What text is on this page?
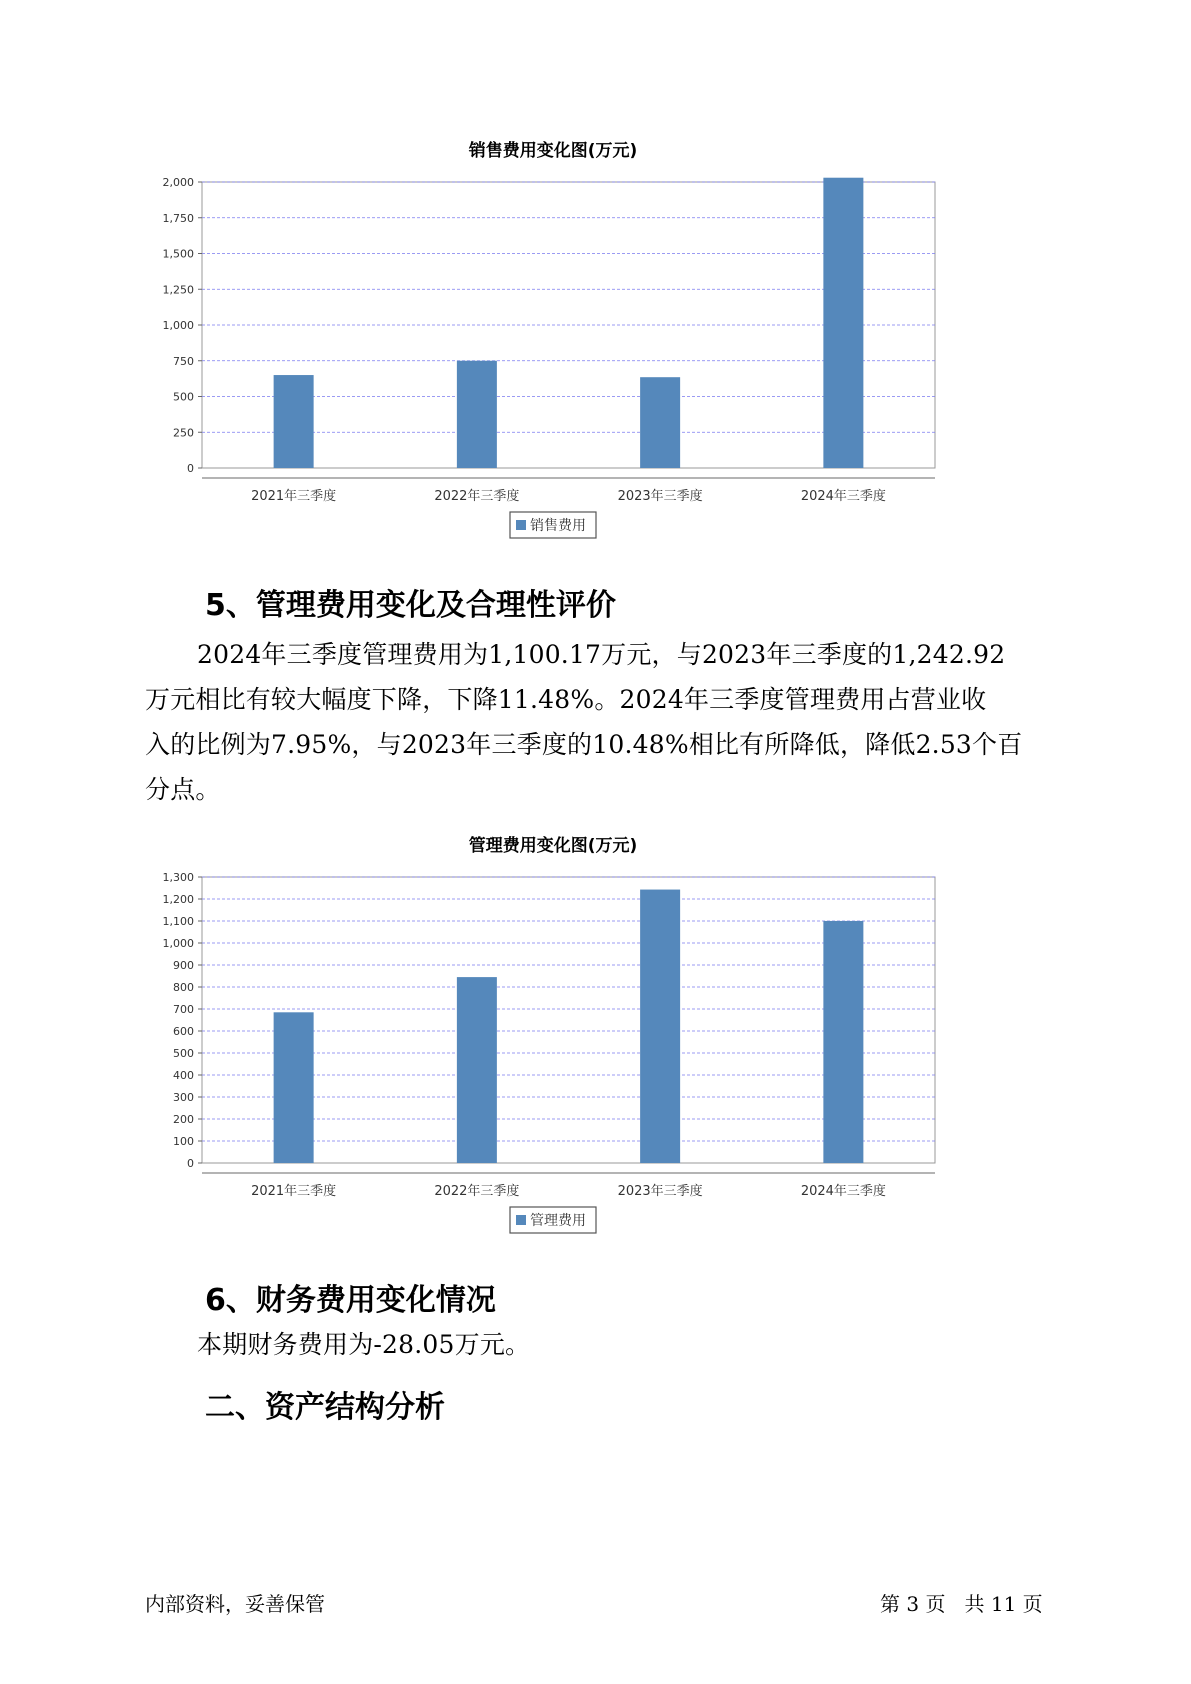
销售费用变化图(万元)
0
250
500
750
1,000
1,250
1,500
1,750
2,000
2021年三季度	2022年三季度	2023年三季度	2024年三季度
销售费用
5、管理费用变化及合理性评价
2024年三季度管理费用为1,100.17万元，与2023年三季度的1,242.92
万元相比有较大幅度下降，下降11.48%。2024年三季度管理费用占营业收
入的比例为7.95%，与2023年三季度的10.48%相比有所降低，降低2.53个百
分点。
管理费用变化图(万元)
0
100
200
300
400
500
600
700
800
900
1,000
1,100
1,200
1,300
2021年三季度	2022年三季度	2023年三季度	2024年三季度
管理费用
6、财务费用变化情况
本期财务费用为-28.05万元。
二、资产结构分析
内部资料，妥善保管	第 3 页   共 11 页
